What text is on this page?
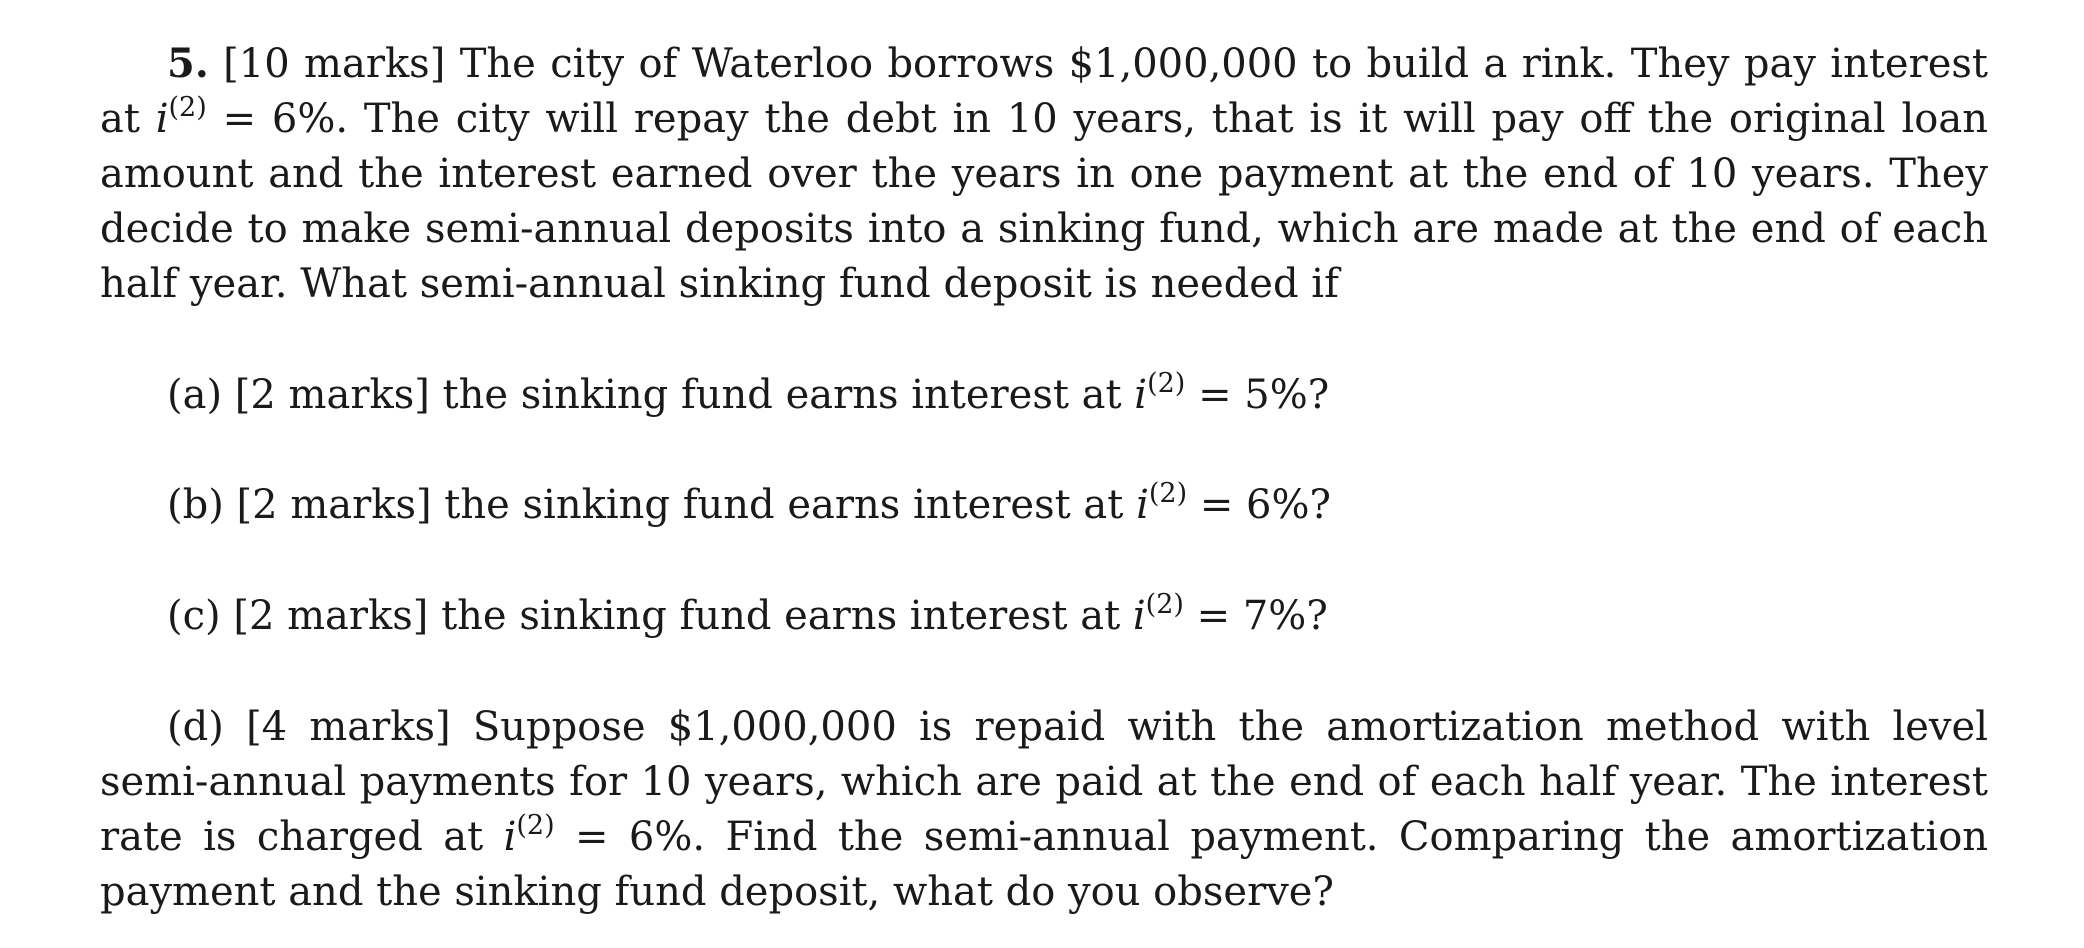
5. [10 marks] The city of Waterloo borrows $1,000,000 to build a rink. They pay interest at $i^{(2)} = 6\%$. The city will repay the debt in 10 years, that is it will pay off the original loan amount and the interest earned over the years in one payment at the end of 10 years. They decide to make semi-annual deposits into a sinking fund, which are made at the end of each half year. What semi-annual sinking fund deposit is needed if

(a) [2 marks] the sinking fund earns interest at $i^{(2)} = 5\%$?

(b) [2 marks] the sinking fund earns interest at $i^{(2)} = 6\%$?

(c) [2 marks] the sinking fund earns interest at $i^{(2)} = 7\%$?

(d) [4 marks] Suppose $1,000,000 is repaid with the amortization method with level semi-annual payments for 10 years, which are paid at the end of each half year. The interest rate is charged at $i^{(2)} = 6\%$. Find the semi-annual payment. Comparing the amortization payment and the sinking fund deposit, what do you observe?
